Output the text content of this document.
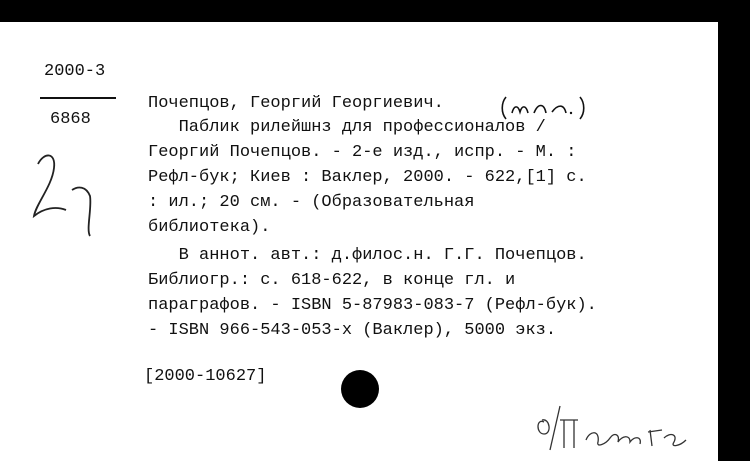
2000-3
6868
Почепцов, Георгий Георгиевич.
Паблик рилейшнз для профессионалов /
Георгий Почепцов. - 2-е изд., испр. - М. :
Рефл-бук; Киев : Ваклер, 2000. - 622,[1] с.
: ил.; 20 см. - (Образовательная
библиотека).
В аннот. авт.: д.филос.н. Г.Г. Почепцов.
Библиогр.: с. 618-622, в конце гл. и
параграфов. - ISBN 5-87983-083-7 (Рефл-бук).
- ISBN 966-543-053-х (Ваклер), 5000 экз.
[2000-10627]
